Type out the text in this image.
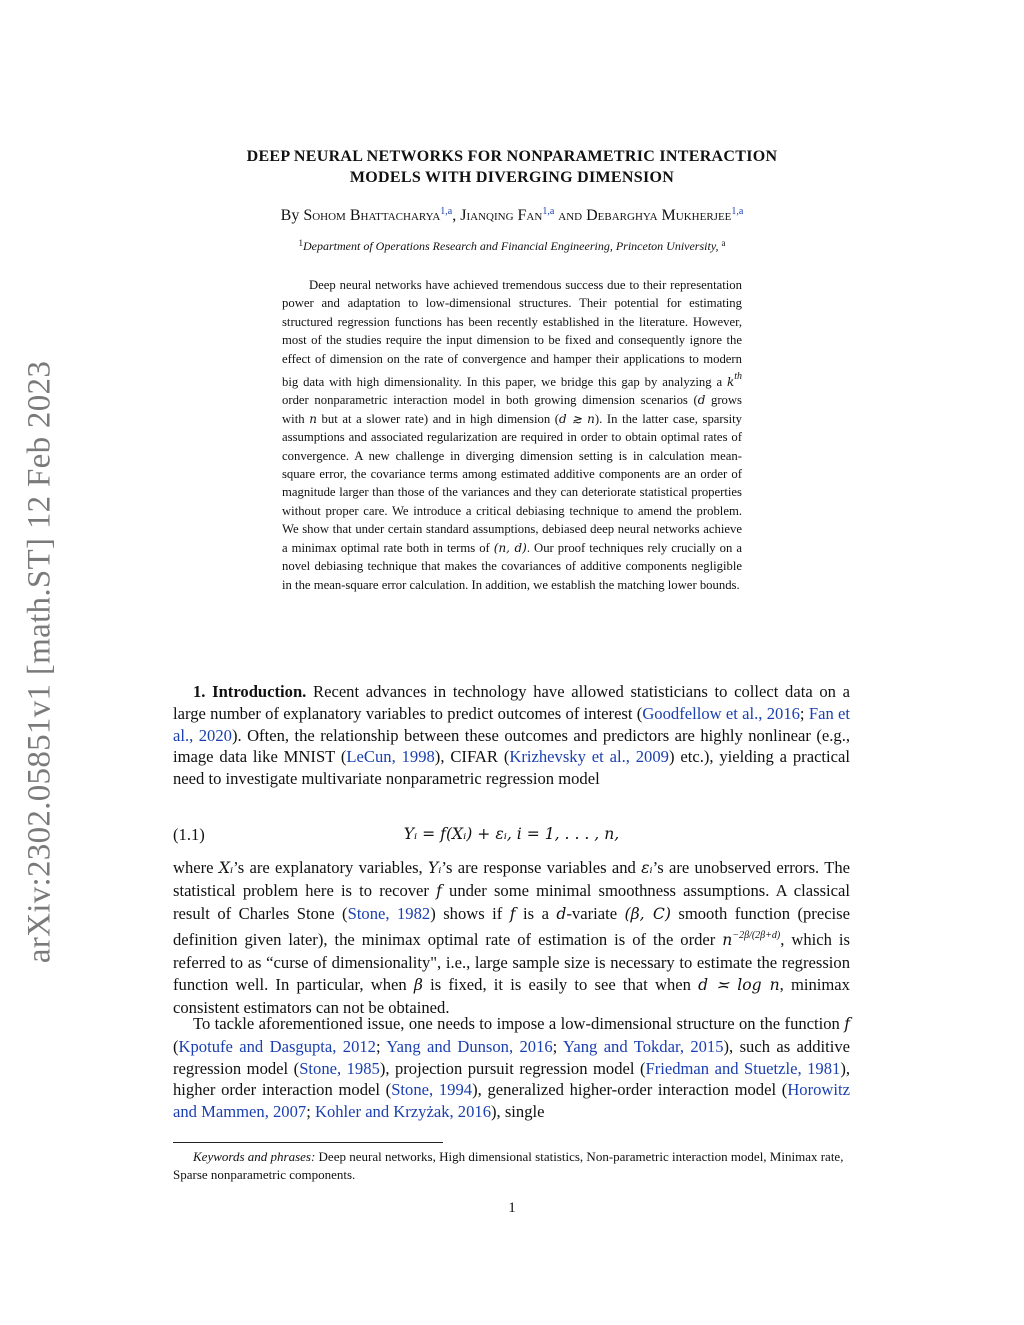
arXiv:2302.05851v1 [math.ST] 12 Feb 2023
DEEP NEURAL NETWORKS FOR NONPARAMETRIC INTERACTION
MODELS WITH DIVERGING DIMENSION
By Sohom Bhattacharya$^{1,a}$, Jianqing Fan$^{1,a}$ and Debarghya Mukherjee$^{1,a}$
$^1$Department of Operations Research and Financial Engineering, Princeton University, $^a$

Deep neural networks have achieved tremendous success due to their representation power and adaptation to low-dimensional structures. Their potential for estimating structured regression functions has been recently established in the literature. However, most of the studies require the input dimension to be fixed and consequently ignore the effect of dimension on the rate of convergence and hamper their applications to modern big data with high dimensionality. In this paper, we bridge this gap by analyzing a $k^{th}$ order nonparametric interaction model in both growing dimension scenarios (d grows with n but at a slower rate) and in high dimension (d ≳ n). In the latter case, sparsity assumptions and associated regularization are required in order to obtain optimal rates of convergence. A new challenge in diverging dimension setting is in calculation mean-square error, the covariance terms among estimated additive components are an order of magnitude larger than those of the variances and they can deteriorate statistical properties without proper care. We introduce a critical debiasing technique to amend the problem. We show that under certain standard assumptions, debiased deep neural networks achieve a minimax optimal rate both in terms of (n, d). Our proof techniques rely crucially on a novel debiasing technique that makes the covariances of additive components negligible in the mean-square error calculation. In addition, we establish the matching lower bounds.

1. Introduction. Recent advances in technology have allowed statisticians to collect data on a large number of explanatory variables to predict outcomes of interest (Goodfellow et al., 2016; Fan et al., 2020). Often, the relationship between these outcomes and predictors are highly nonlinear (e.g., image data like MNIST (LeCun, 1998), CIFAR (Krizhevsky et al., 2009) etc.), yielding a practical need to investigate multivariate nonparametric regression model

(1.1)	Yᵢ = f(Xᵢ) + εᵢ, i = 1, . . . , n,

where Xᵢ’s are explanatory variables, Yᵢ’s are response variables and εᵢ’s are unobserved errors. The statistical problem here is to recover f under some minimal smoothness assumptions. A classical result of Charles Stone (Stone, 1982) shows if f is a d-variate (β, C) smooth function (precise definition given later), the minimax optimal rate of estimation is of the order $n^{-2\beta/(2\beta+d)}$, which is referred to as “curse of dimensionality", i.e., large sample size is necessary to estimate the regression function well. In particular, when β is fixed, it is easily to see that when d ≍ log n, minimax consistent estimators can not be obtained.

To tackle aforementioned issue, one needs to impose a low-dimensional structure on the function f (Kpotufe and Dasgupta, 2012; Yang and Dunson, 2016; Yang and Tokdar, 2015), such as additive regression model (Stone, 1985), projection pursuit regression model (Friedman and Stuetzle, 1981), higher order interaction model (Stone, 1994), generalized higher-order interaction model (Horowitz and Mammen, 2007; Kohler and Krzyżak, 2016), single

Keywords and phrases: Deep neural networks, High dimensional statistics, Non-parametric interaction model, Minimax rate, Sparse nonparametric components.
1
